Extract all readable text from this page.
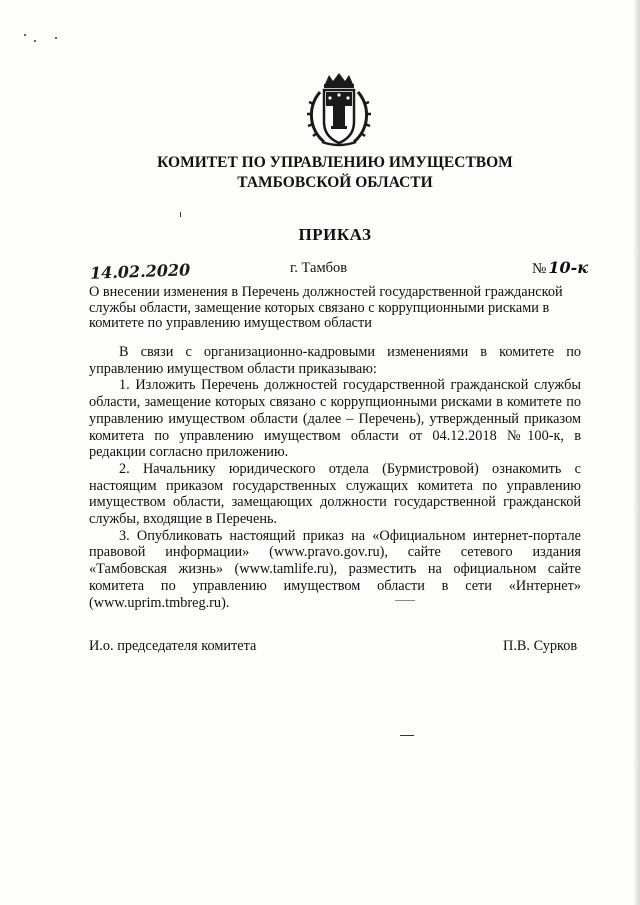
КОМИТЕТ ПО УПРАВЛЕНИЮ ИМУЩЕСТВОМ
ТАМБОВСКОЙ ОБЛАСТИ
ПРИКАЗ
14.02.2020	г. Тамбов	№ 10-к
О внесении изменения в Перечень должностей государственной гражданской службы области, замещение которых связано с коррупционными рисками в комитете по управлению имуществом области

В связи с организационно-кадровыми изменениями в комитете по управлению имуществом области приказываю:

1. Изложить Перечень должностей государственной гражданской службы области, замещение которых связано с коррупционными рисками в комитете по управлению имуществом области (далее – Перечень), утвержденный приказом комитета по управлению имуществом области от 04.12.2018 №100-к, в редакции согласно приложению.

2. Начальнику юридического отдела (Бурмистровой) ознакомить с настоящим приказом государственных служащих комитета по управлению имуществом области, замещающих должности государственной гражданской службы, входящие в Перечень.

3. Опубликовать настоящий приказ на «Официальном интернет-портале правовой информации» (www.pravo.gov.ru), сайте сетевого издания «Тамбовская жизнь» (www.tamlife.ru), разместить на официальном сайте комитета по управлению имуществом области в сети «Интернет» (www.uprim.tmbreg.ru).

И.о. председателя комитета	П.В. Сурков
